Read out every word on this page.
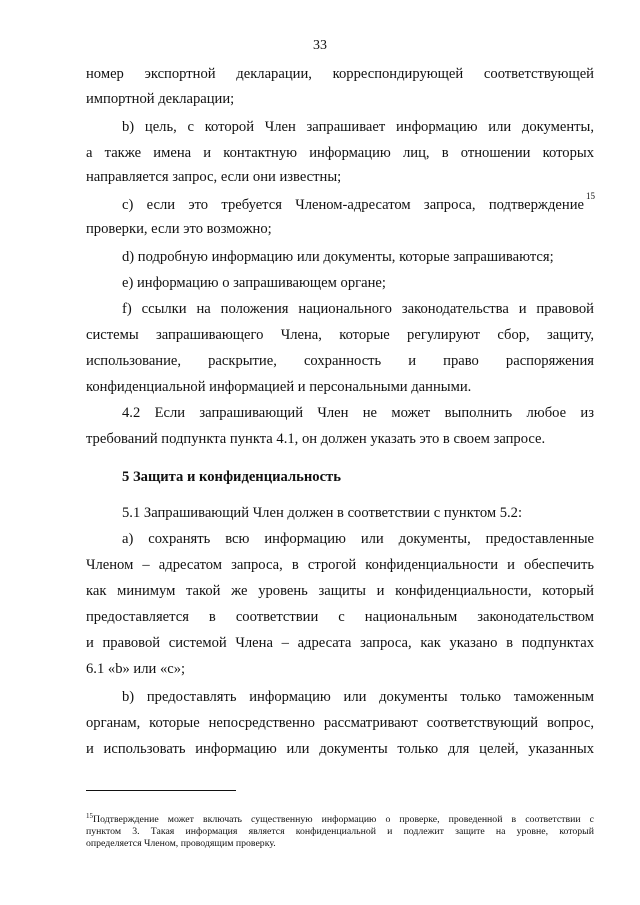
33
номер экспортной декларации, корреспондирующей соответствующей
импортной декларации;
b) цель, с которой Член запрашивает информацию или документы,
а также имена и контактную информацию лиц, в отношении которых
направляется запрос, если они известны;
c) если это требуется Членом-адресатом запроса, подтверждение
15
проверки, если это возможно;
d) подробную информацию или документы, которые запрашиваются;
e) информацию о запрашивающем органе;
f) ссылки на положения национального законодательства и правовой
системы запрашивающего Члена, которые регулируют сбор, защиту,
использование, раскрытие, сохранность и право распоряжения
конфиденциальной информацией и персональными данными.
4.2 Если запрашивающий Член не может выполнить любое из
требований подпункта пункта 4.1, он должен указать это в своем запросе.
5 Защита и конфиденциальность
5.1 Запрашивающий Член должен в соответствии с пунктом 5.2:
a) сохранять всю информацию или документы, предоставленные
Членом – адресатом запроса, в строгой конфиденциальности и обеспечить
как минимум такой же уровень защиты и конфиденциальности, который
предоставляется в соответствии с национальным законодательством
и правовой системой Члена – адресата запроса, как указано в подпунктах
6.1 «b» или «c»;
b) предоставлять информацию или документы только таможенным
органам, которые непосредственно рассматривают соответствующий вопрос,
и использовать информацию или документы только для целей, указанных
$^{15}$Подтверждение может включать существенную информацию о проверке, проведенной в соответствии с
пунктом 3. Такая информация является конфиденциальной и подлежит защите на уровне, который
определяется Членом, проводящим проверку.
